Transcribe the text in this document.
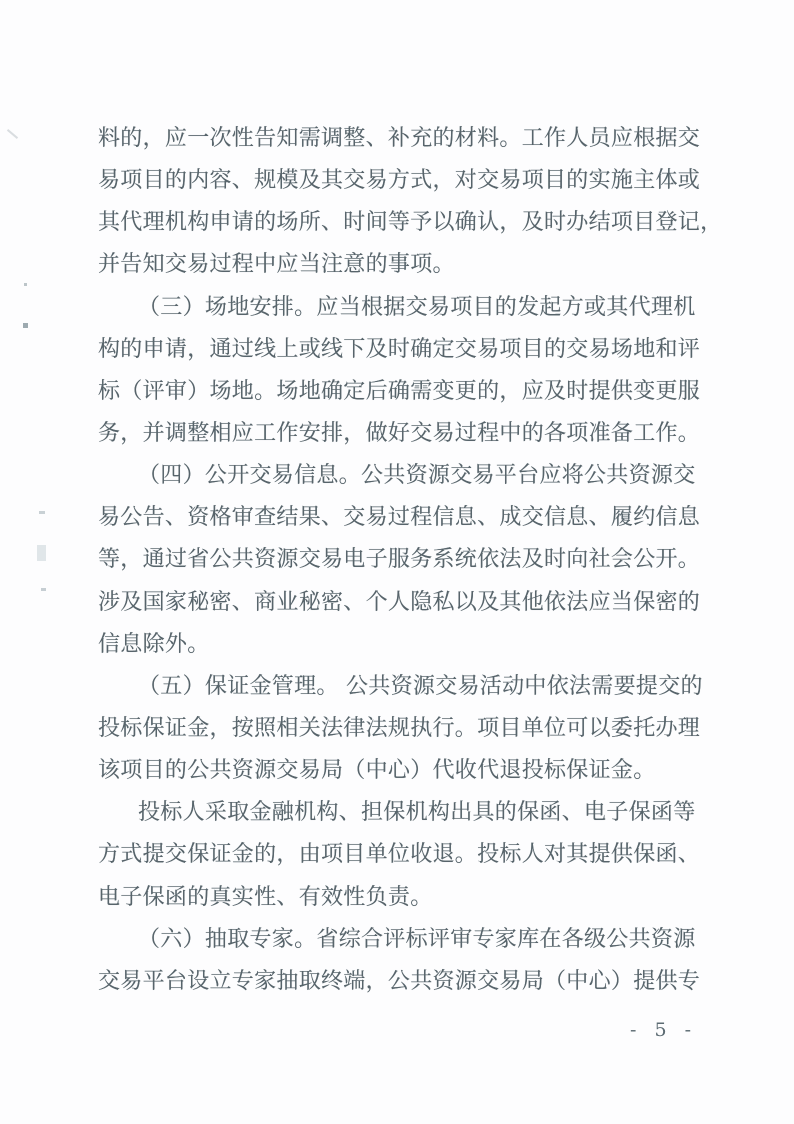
料的，应一次性告知需调整、补充的材料。工作人员应根据交
易项目的内容、规模及其交易方式，对交易项目的实施主体或
其代理机构申请的场所、时间等予以确认，及时办结项目登记，
并告知交易过程中应当注意的事项。
（三）场地安排。应当根据交易项目的发起方或其代理机
构的申请，通过线上或线下及时确定交易项目的交易场地和评
标（评审）场地。场地确定后确需变更的，应及时提供变更服
务，并调整相应工作安排，做好交易过程中的各项准备工作。
（四）公开交易信息。公共资源交易平台应将公共资源交
易公告、资格审查结果、交易过程信息、成交信息、履约信息
等，通过省公共资源交易电子服务系统依法及时向社会公开。
涉及国家秘密、商业秘密、个人隐私以及其他依法应当保密的
信息除外。
（五）保证金管理。 公共资源交易活动中依法需要提交的
投标保证金，按照相关法律法规执行。项目单位可以委托办理
该项目的公共资源交易局（中心）代收代退投标保证金。
投标人采取金融机构、担保机构出具的保函、电子保函等
方式提交保证金的，由项目单位收退。投标人对其提供保函、
电子保函的真实性、有效性负责。
（六）抽取专家。省综合评标评审专家库在各级公共资源
交易平台设立专家抽取终端，公共资源交易局（中心）提供专
- 5 -
